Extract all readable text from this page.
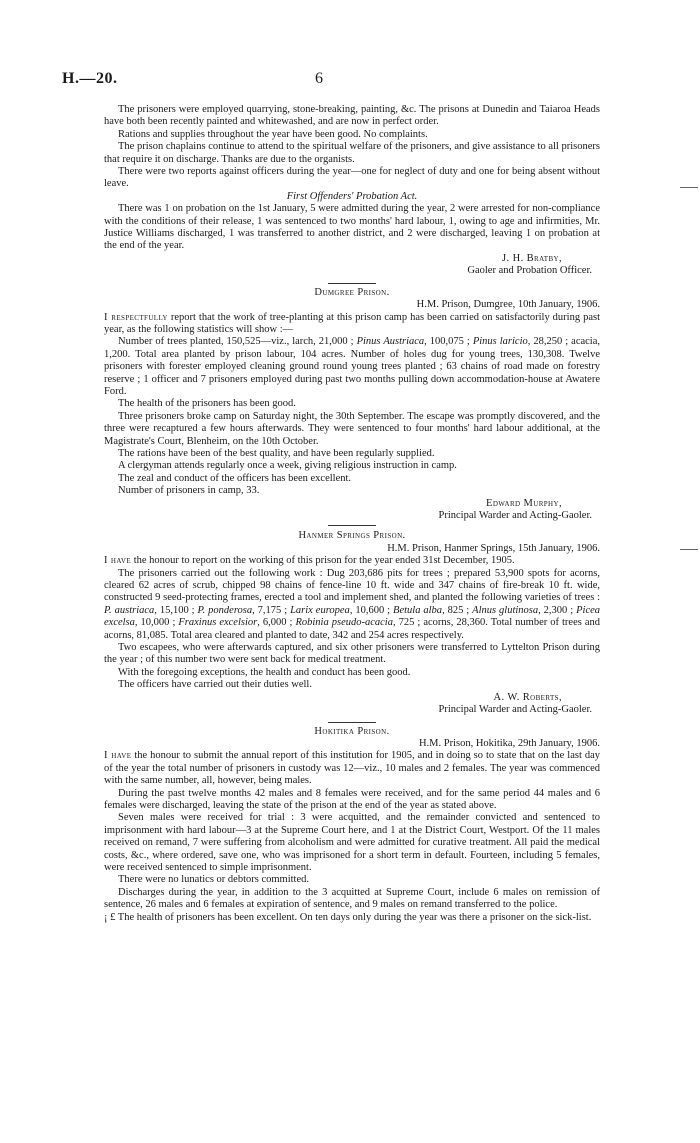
H.—20.	6

The prisoners were employed quarrying, stone-breaking, painting, &c. The prisons at Dunedin and Taiaroa Heads have both been recently painted and whitewashed, and are now in perfect order.

Rations and supplies throughout the year have been good. No complaints.

The prison chaplains continue to attend to the spiritual welfare of the prisoners, and give assistance to all prisoners that require it on discharge. Thanks are due to the organists.

There were two reports against officers during the year—one for neglect of duty and one for being absent without leave.

First Offenders' Probation Act.

There was 1 on probation on the 1st January, 5 were admitted during the year, 2 were arrested for non-compliance with the conditions of their release, 1 was sentenced to two months' hard labour, 1, owing to age and infirmities, Mr. Justice Williams discharged, 1 was transferred to another district, and 2 were discharged, leaving 1 on probation at the end of the year.

J. H. Bratby,

Gaoler and Probation Officer.

Dumgree Prison.

H.M. Prison, Dumgree, 10th January, 1906.

I respectfully report that the work of tree-planting at this prison camp has been carried on satisfactorily during past year, as the following statistics will show :—

Number of trees planted, 150,525—viz., larch, 21,000 ; Pinus Austriaca, 100,075 ; Pinus laricio, 28,250 ; acacia, 1,200. Total area planted by prison labour, 104 acres. Number of holes dug for young trees, 130,308. Twelve prisoners with forester employed cleaning ground round young trees planted ; 63 chains of road made on forestry reserve ; 1 officer and 7 prisoners employed during past two months pulling down accommodation-house at Awatere Ford.

The health of the prisoners has been good.

Three prisoners broke camp on Saturday night, the 30th September. The escape was promptly discovered, and the three were recaptured a few hours afterwards. They were sentenced to four months' hard labour additional, at the Magistrate's Court, Blenheim, on the 10th October.

The rations have been of the best quality, and have been regularly supplied.

A clergyman attends regularly once a week, giving religious instruction in camp.

The zeal and conduct of the officers has been excellent.

Number of prisoners in camp, 33.

Edward Murphy,

Principal Warder and Acting-Gaoler.

Hanmer Springs Prison.

H.M. Prison, Hanmer Springs, 15th January, 1906.

I have the honour to report on the working of this prison for the year ended 31st December, 1905.

The prisoners carried out the following work : Dug 203,686 pits for trees ; prepared 53,900 spots for acorns, cleared 62 acres of scrub, chipped 98 chains of fence-line 10 ft. wide and 347 chains of fire-break 10 ft. wide, constructed 9 seed-protecting frames, erected a tool and implement shed, and planted the following varieties of trees : P. austriaca, 15,100 ; P. ponderosa, 7,175 ; Larix europea, 10,600 ; Betula alba, 825 ; Alnus glutinosa, 2,300 ; Picea excelsa, 10,000 ; Fraxinus excelsior, 6,000 ; Robinia pseudo-acacia, 725 ; acorns, 28,360. Total number of trees and acorns, 81,085. Total area cleared and planted to date, 342 and 254 acres respectively.

Two escapees, who were afterwards captured, and six other prisoners were transferred to Lyttelton Prison during the year ; of this number two were sent back for medical treatment.

With the foregoing exceptions, the health and conduct has been good.

The officers have carried out their duties well.

A. W. Roberts,

Principal Warder and Acting-Gaoler.

Hokitika Prison.

H.M. Prison, Hokitika, 29th January, 1906.

I have the honour to submit the annual report of this institution for 1905, and in doing so to state that on the last day of the year the total number of prisoners in custody was 12—viz., 10 males and 2 females. The year was commenced with the same number, all, however, being males.

During the past twelve months 42 males and 8 females were received, and for the same period 44 males and 6 females were discharged, leaving the state of the prison at the end of the year as stated above.

Seven males were received for trial : 3 were acquitted, and the remainder convicted and sentenced to imprisonment with hard labour—3 at the Supreme Court here, and 1 at the District Court, Westport. Of the 11 males received on remand, 7 were suffering from alcoholism and were admitted for curative treatment. All paid the medical costs, &c., where ordered, save one, who was imprisoned for a short term in default. Fourteen, including 5 females, were received sentenced to simple imprisonment.

There were no lunatics or debtors committed.

Discharges during the year, in addition to the 3 acquitted at Supreme Court, include 6 males on remission of sentence, 26 males and 6 females at expiration of sentence, and 9 males on remand transferred to the police.

¡ £ The health of prisoners has been excellent. On ten days only during the year was there a prisoner on the sick-list.
